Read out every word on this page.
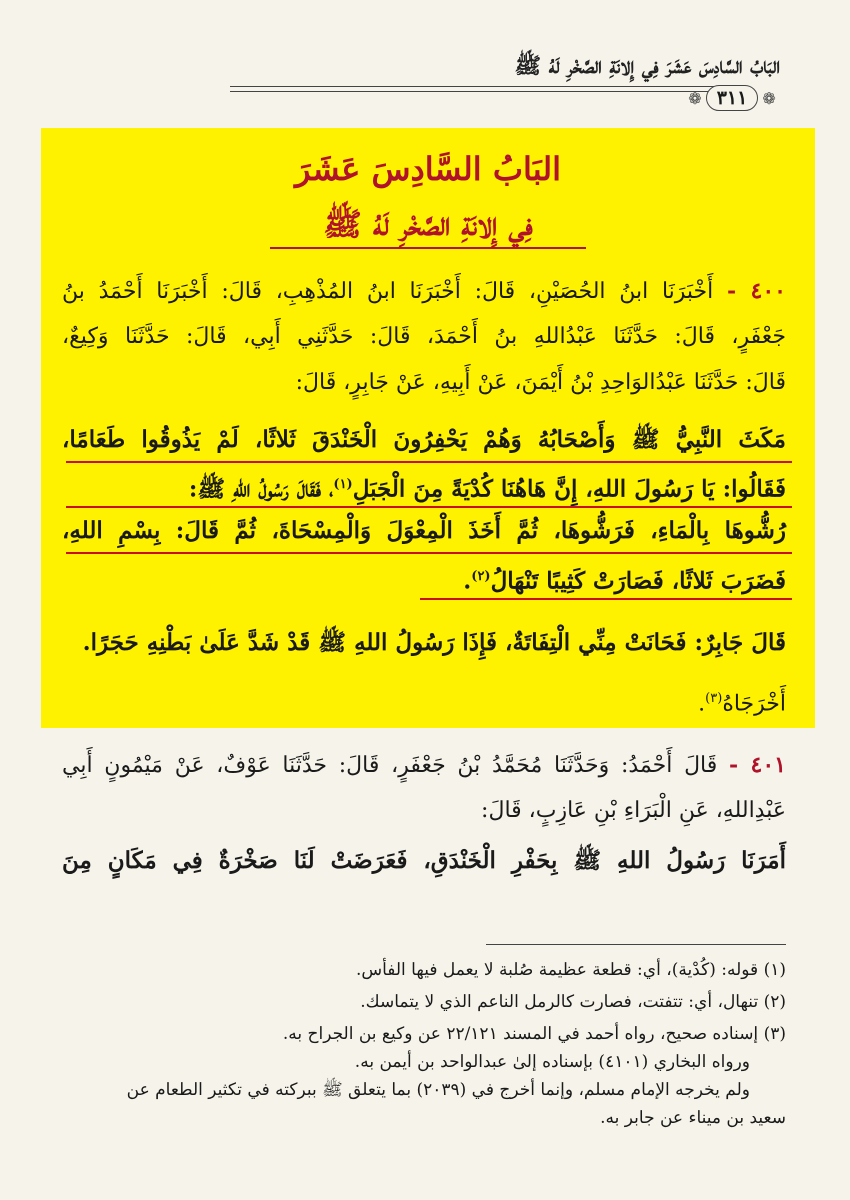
البَابُ السَّادِسَ عَشَرَ فِي إِلانَةِ الصَّخْرِ لَهُ ﷺ
❁ ٣١١ ❁
البَابُ السَّادِسَ عَشَرَ
فِي إِلانَةِ الصَّخْرِ لَهُ ﷺ
٤٠٠ - أَخْبَرَنَا ابنُ الحُصَيْنِ، قَالَ: أَخْبَرَنَا ابنُ المُذْهِبِ، قَالَ: أَخْبَرَنَا أَحْمَدُ بنُ
جَعْفَرٍ، قَالَ: حَدَّثَنَا عَبْدُاللهِ بنُ أَحْمَدَ، قَالَ: حَدَّثَنِي أَبِي، قَالَ: حَدَّثَنَا وَكِيعٌ،
قَالَ: حَدَّثَنَا عَبْدُالوَاحِدِ بْنُ أَيْمَنَ، عَنْ أَبِيهِ، عَنْ جَابِرٍ، قَالَ:
مَكَثَ النَّبِيُّ ﷺ وَأَصْحَابُهُ وَهُمْ يَحْفِرُونَ الْخَنْدَقَ ثَلاثًا، لَمْ يَذُوقُوا طَعَامًا،
فَقَالُوا: يَا رَسُولَ اللهِ، إِنَّ هَاهُنَا كُدْيَةً مِنَ الْجَبَلِ$^{(١)}$، فَقَالَ رَسُولُ اللهِ ﷺ:
رُشُّوهَا بِالْمَاءِ، فَرَشُّوهَا، ثُمَّ أَخَذَ الْمِعْوَلَ وَالْمِسْحَاةَ، ثُمَّ قَالَ: بِسْمِ اللهِ،
فَضَرَبَ ثَلاثًا، فَصَارَتْ كَثِيبًا تَنْهَالُ$^{(٢)}$.
قَالَ جَابِرٌ: فَحَانَتْ مِنِّي الْتِفَاتَةٌ، فَإِذَا رَسُولُ اللهِ ﷺ قَدْ شَدَّ عَلَىٰ بَطْنِهِ حَجَرًا.
أَخْرَجَاهُ$^{(٣)}$.
٤٠١ - قَالَ أَحْمَدُ: وَحَدَّثَنَا مُحَمَّدُ بْنُ جَعْفَرٍ، قَالَ: حَدَّثَنَا عَوْفٌ، عَنْ مَيْمُونٍ أَبِي
عَبْدِاللهِ، عَنِ الْبَرَاءِ بْنِ عَازِبٍ، قَالَ:
أَمَرَنَا رَسُولُ اللهِ ﷺ بِحَفْرِ الْخَنْدَقِ، فَعَرَضَتْ لَنَا صَخْرَةٌ فِي مَكَانٍ مِنَ
(١) قوله: (كُدْية)، أي: قطعة عظيمة صُلبة لا يعمل فيها الفأس.
(٢) تنهال، أي: تتفتت، فصارت كالرمل الناعم الذي لا يتماسك.
(٣) إسناده صحيح، رواه أحمد في المسند ٢٢/١٢١ عن وكيع بن الجراح به.
ورواه البخاري (٤١٠١) بإسناده إلىٰ عبدالواحد بن أيمن به.
ولم يخرجه الإمام مسلم، وإنما أخرج في (٢٠٣٩) بما يتعلق ﷺ ببركته في تكثير الطعام عن
سعيد بن ميناء عن جابر به.
